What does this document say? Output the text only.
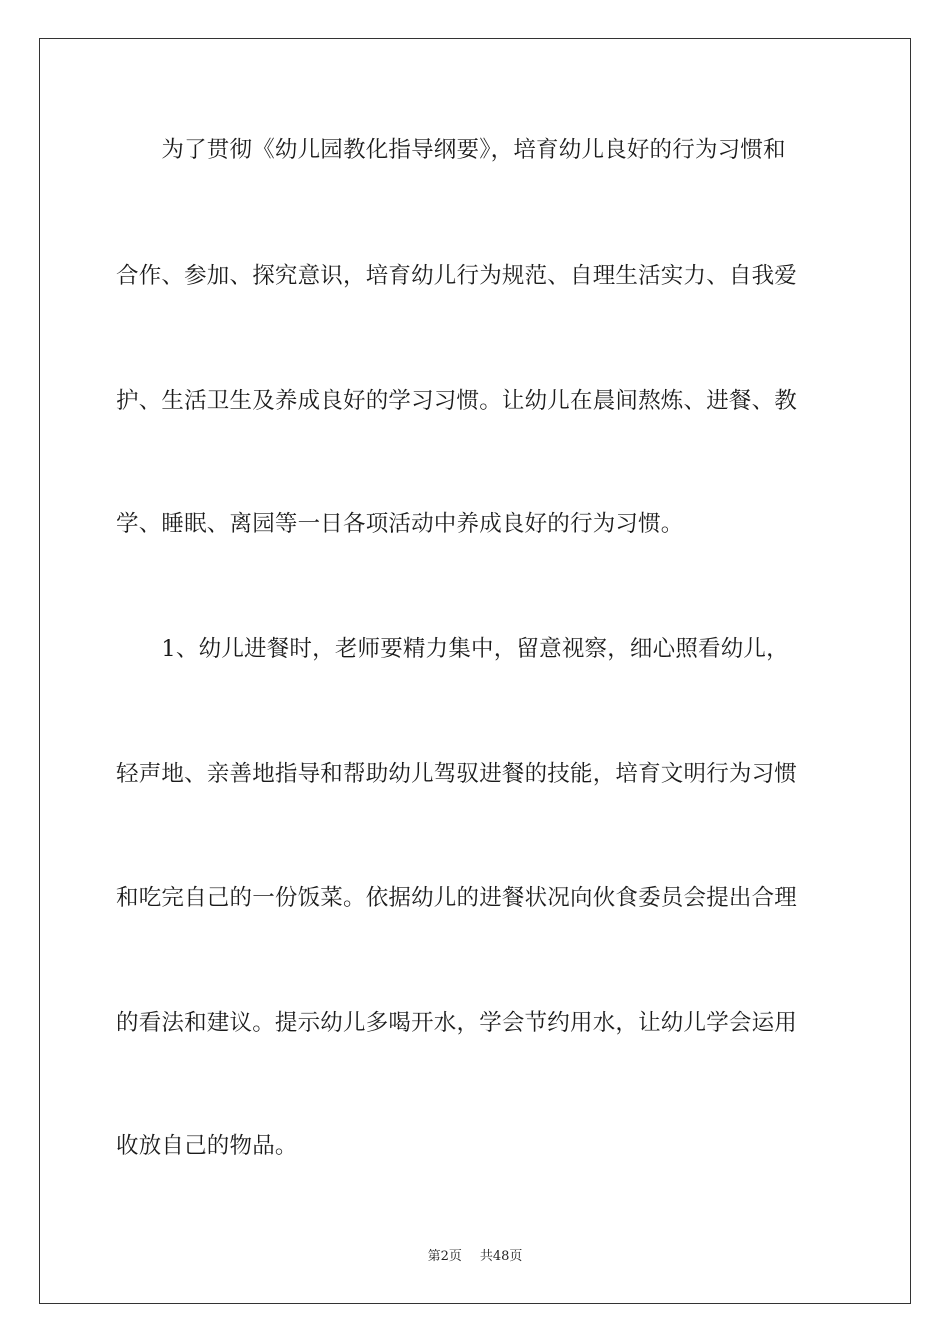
　　为了贯彻《幼儿园教化指导纲要》，培育幼儿良好的行为习惯和
合作、参加、探究意识，培育幼儿行为规范、自理生活实力、自我爱
护、生活卫生及养成良好的学习习惯。让幼儿在晨间熬炼、进餐、教
学、睡眠、离园等一日各项活动中养成良好的行为习惯。
　　1、幼儿进餐时，老师要精力集中，留意视察，细心照看幼儿，
轻声地、亲善地指导和帮助幼儿驾驭进餐的技能，培育文明行为习惯
和吃完自己的一份饭菜。依据幼儿的进餐状况向伙食委员会提出合理
的看法和建议。提示幼儿多喝开水，学会节约用水，让幼儿学会运用
收放自己的物品。
第2页 共48页
